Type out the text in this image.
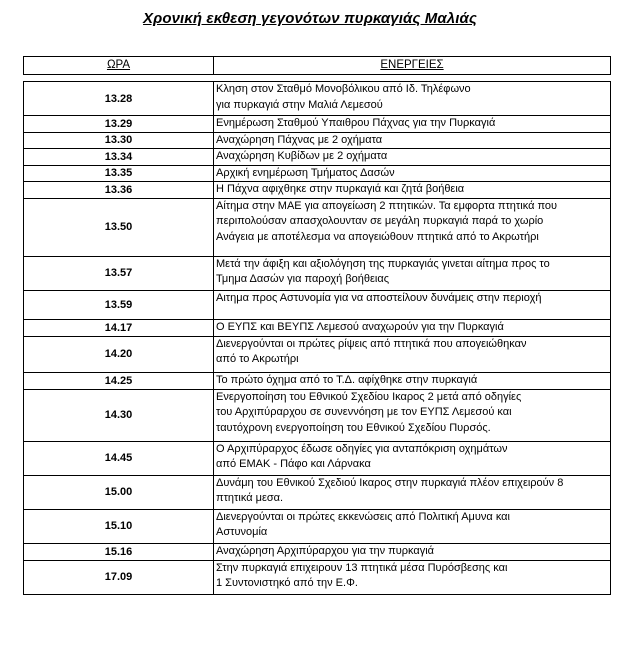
Χρονική εκθεση γεγονότων πυρκαγιάς Μαλιάς
ΩΡΑ	ΕΝΕΡΓΕΙΕΣ
13.28	Κληση στον Σταθμό Μονοβόλικου από Ιδ. Τηλέφωνο
για πυρκαγιά στην Μαλιά Λεμεσού
13.29	Ενημέρωση Σταθμού Υπαιθρου Πάχνας για την Πυρκαγιά
13.30	Αναχώρηση Πάχνας με 2 οχήματα
13.34	Αναχώρηση Κυβίδων με 2 οχήματα
13.35	Αρχική ενημέρωση Τμήματος Δασών
13.36	Η Πάχνα αφιχθηκε στην πυρκαγιά και ζητά βοήθεια
13.50	Αίτημα στην ΜΑΕ για απογείωση 2 πτητικών. Τα εμφορτα πτητικά που
περιπολούσαν απασχολουνταν σε μεγάλη πυρκαγιά παρά το χωρίο
Ανάγεια με αποτέλεσμα να απογειώθουν πτητικά από το Ακρωτήρι
13.57	Μετά την άφιξη και αξιολόγηση της πυρκαγιάς γινεται αίτημα προς το
Τμημα Δασών για παροχή βοήθειας
13.59	Αιτημα προς Αστυνομία για να αποστείλουν δυνάμεις στην περιοχή
14.17	Ο ΕΥΠΣ και ΒΕΥΠΣ Λεμεσού αναχωρούν για την Πυρκαγιά
14.20	Διενεργούνται οι πρώτες ρίψεις από πτητικά που απογειώθηκαν
από το Ακρωτήρι
14.25	Το πρώτο όχημα από το Τ.Δ. αφίχθηκε στην πυρκαγιά
14.30	Ενεργοποίηση του Εθνικού Σχεδίου Ικαρος 2 μετά από οδηγίες
του Αρχιπύραρχου σε συνεννόηση με τον ΕΥΠΣ Λεμεσού και
ταυτόχρονη ενεργοποίηση του Εθνικού Σχεδίου Πυρσός.
14.45	Ο Αρχιπύραρχος έδωσε οδηγίες για ανταπόκριση οχημάτων
από ΕΜΑΚ - Πάφο και Λάρνακα
15.00	Δυνάμη του Εθνικού Σχεδιού Ικαρος στην πυρκαγιά πλέον επιχειρούν 8
πτητικά μεσα.
15.10	Διενεργούνται οι πρώτες εκκενώσεις από Πολιτική Αμυνα και
Αστυνομία
15.16	Αναχώρηση Αρχιπύραρχου για την πυρκαγιά
17.09	Στην πυρκαγιά επιχειρουν 13 πτητικά μέσα Πυρόσβεσης και
1 Συντονιστηκό από την Ε.Φ.
